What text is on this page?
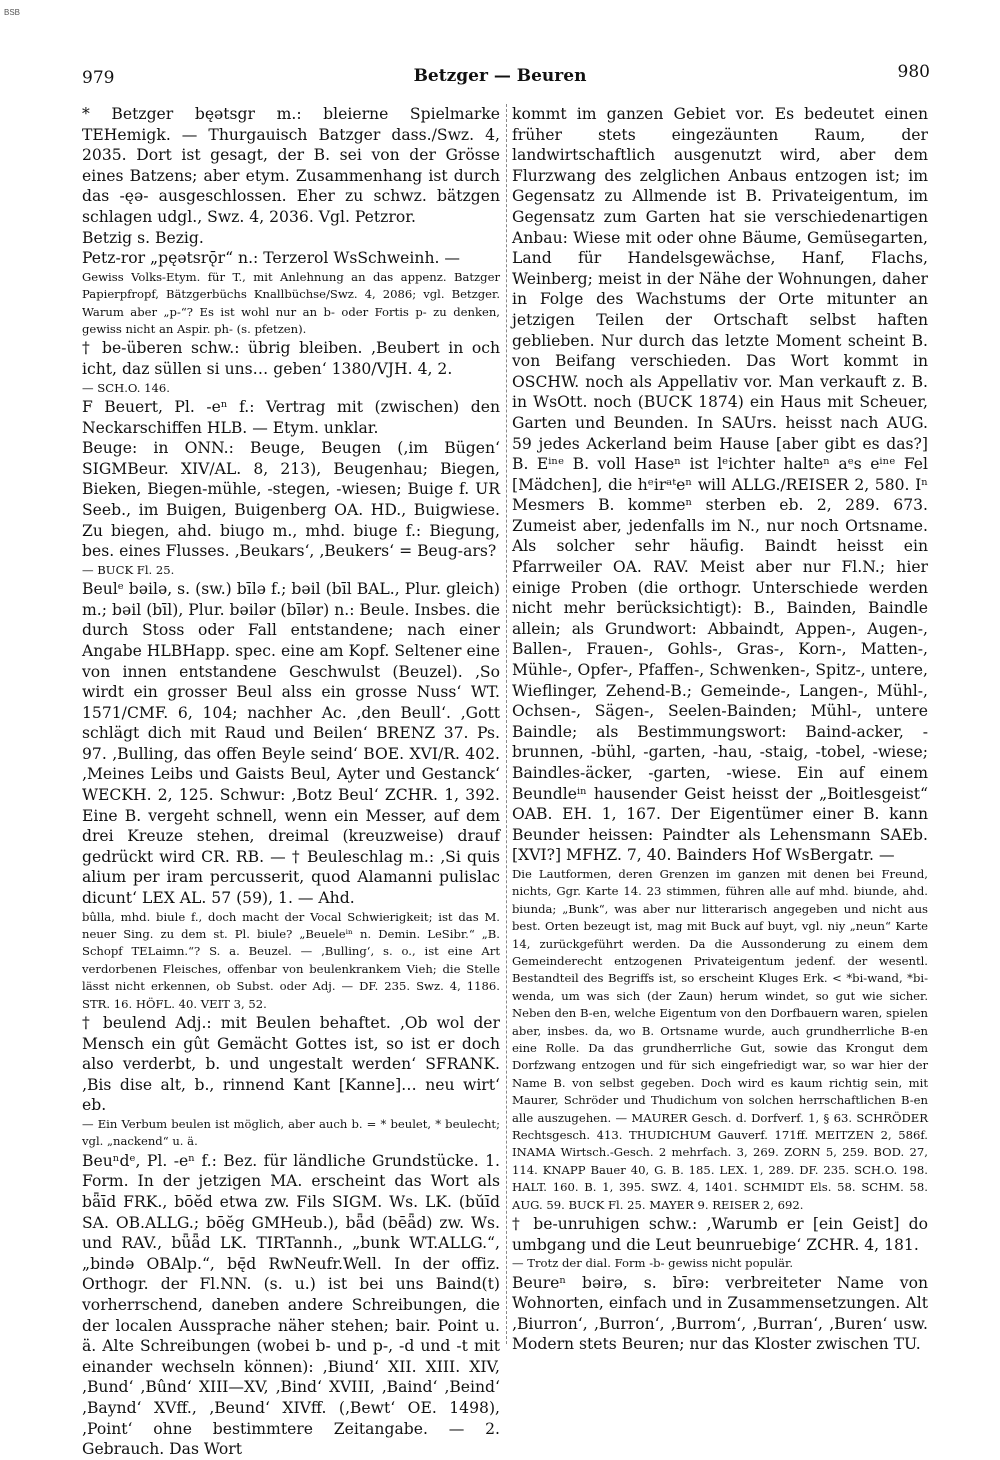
BSB
979	Betzger — Beuren	980

* Betzger bęətsgr m.: bleierne Spielmarke TEHemigk. — Thurgauisch Batzger dass./Swz. 4, 2035. Dort ist gesagt, der B. sei von der Grösse eines Batzens; aber etym. Zusammenhang ist durch das -ęə- ausgeschlossen. Eher zu schwz. bätzgen schlagen udgl., Swz. 4, 2036. Vgl. Petzror.

Betzig s. Bezig.

Petz-ror „pęətsrǭr“ n.: Terzerol WsSchweinh. —

Gewiss Volks-Etym. für T., mit Anlehnung an das appenz. Batzger Papierpfropf, Bätzgerbüchs Knallbüchse/Swz. 4, 2086; vgl. Betzger. Warum aber „p-“? Es ist wohl nur an b- oder Fortis p- zu denken, gewiss nicht an Aspir. ph- (s. pfetzen).

† be-überen schw.: übrig bleiben. ‚Beubert in och icht, daz süllen si uns… geben‘ 1380/VJH. 4, 2.

— SCH.O. 146.

F Beuert, Pl. -eⁿ f.: Vertrag mit (zwischen) den Neckarschiffen HLB. — Etym. unklar.

Beuge: in ONN.: Beuge, Beugen (‚im Bügen‘ SIGMBeur. XIV/AL. 8, 213), Beugenhau; Biegen, Bieken, Biegen-mühle, -stegen, -wiesen; Buige f. UR Seeb., im Buigen, Buigenberg OA. HD., Buigwiese. Zu biegen, ahd. biugo m., mhd. biuge f.: Biegung, bes. eines Flusses. ‚Beukars‘, ‚Beukers‘ = Beug-ars?

— BUCK Fl. 25.

Beulᵉ bəilə, s. (sw.) bīlə f.; bəil (bīl BAL., Plur. gleich) m.; bəil (bīl), Plur. bəilər (bīlər) n.: Beule. Insbes. die durch Stoss oder Fall entstandene; nach einer Angabe HLBHapp. spec. eine am Kopf. Seltener eine von innen entstandene Geschwulst (Beuzel). ‚So wirdt ein grosser Beul alss ein grosse Nuss‘ WT. 1571/CMF. 6, 104; nachher Ac. ‚den Beull‘. ‚Gott schlägt dich mit Raud und Beilen‘ BRENZ 37. Ps. 97. ‚Bulling, das offen Beyle seind‘ BOE. XVI/R. 402. ‚Meines Leibs und Gaists Beul, Ayter und Gestanck‘ WECKH. 2, 125. Schwur: ‚Botz Beul‘ ZCHR. 1, 392. Eine B. vergeht schnell, wenn ein Messer, auf dem drei Kreuze stehen, dreimal (kreuzweise) drauf gedrückt wird CR. RB. — † Beuleschlag m.: ‚Si quis alium per iram percusserit, quod Alamanni pulislac dicunt‘ LEX AL. 57 (59), 1. — Ahd.

bûlla, mhd. biule f., doch macht der Vocal Schwierigkeit; ist das M. neuer Sing. zu dem st. Pl. biule? „Beueleⁱⁿ n. Demin. LeSibr.“ „B. Schopf TELaimn.“? S. a. Beuzel. — ‚Bulling‘, s. o., ist eine Art verdorbenen Fleisches, offenbar von beulenkrankem Vieh; die Stelle lässt nicht erkennen, ob Subst. oder Adj. — DF. 235. Swz. 4, 1186. STR. 16. HÖFL. 40. VEIT 3, 52.

† beulend Adj.: mit Beulen behaftet. ‚Ob wol der Mensch ein gût Gemächt Gottes ist, so ist er doch also verderbt, b. und ungestalt werden‘ SFRANK. ‚Bis dise alt, b., rinnend Kant [Kanne]… neu wirt‘ eb.

— Ein Verbum beulen ist möglich, aber auch b. = * beulet, * beulecht; vgl. „nackend“ u. ä.

Beuⁿdᵉ, Pl. -eⁿ f.: Bez. für ländliche Grundstücke. 1. Form. In der jetzigen MA. erscheint das Wort als bǟīd FRK., bōĕd etwa zw. Fils SIGM. Ws. LK. (bŭīd SA. OB.ALLG.; bōĕg GMHeub.), bǟd (bēǟd) zw. Ws. und RAV., bǖǟd LK. TIRTannh., „bunk WT.ALLG.“, „bində OBAlp.“, bę̄d RwNeufr.Well. In der offiz. Orthogr. der Fl.NN. (s. u.) ist bei uns Baind(t) vorherrschend, daneben andere Schreibungen, die der localen Aussprache näher stehen; bair. Point u. ä. Alte Schreibungen (wobei b- und p-, -d und -t mit einander wechseln können): ‚Biund‘ XII. XIII. XIV, ‚Bund‘ ‚Bûnd‘ XIII—XV, ‚Bind‘ XVIII, ‚Baind‘ ‚Beind‘ ‚Baynd‘ XVff., ‚Beund‘ XIVff. (‚Bewt‘ OE. 1498), ‚Point‘ ohne bestimmtere Zeitangabe. — 2. Gebrauch. Das Wort

kommt im ganzen Gebiet vor. Es bedeutet einen früher stets eingezäunten Raum, der landwirtschaftlich ausgenutzt wird, aber dem Flurzwang des zelglichen Anbaus entzogen ist; im Gegensatz zu Allmende ist B. Privateigentum, im Gegensatz zum Garten hat sie verschiedenartigen Anbau: Wiese mit oder ohne Bäume, Gemüsegarten, Land für Handelsgewächse, Hanf, Flachs, Weinberg; meist in der Nähe der Wohnungen, daher in Folge des Wachstums der Orte mitunter an jetzigen Teilen der Ortschaft selbst haften geblieben. Nur durch das letzte Moment scheint B. von Beifang verschieden. Das Wort kommt in OSCHW. noch als Appellativ vor. Man verkauft z. B. in WsOtt. noch (BUCK 1874) ein Haus mit Scheuer, Garten und Beunden. In SAUrs. heisst nach AUG. 59 jedes Ackerland beim Hause [aber gibt es das?] B. Eⁱⁿᵉ B. voll Haseⁿ ist lᵉichter halteⁿ aᵉs eⁱⁿᵉ Fel [Mädchen], die hᵉirᵃᵗeⁿ will ALLG./REISER 2, 580. Iⁿ Mesmers B. kommeⁿ sterben eb. 2, 289. 673. Zumeist aber, jedenfalls im N., nur noch Ortsname. Als solcher sehr häufig. Baindt heisst ein Pfarrweiler OA. RAV. Meist aber nur Fl.N.; hier einige Proben (die orthogr. Unterschiede werden nicht mehr berücksichtigt): B., Bainden, Baindle allein; als Grundwort: Abbaindt, Appen-, Augen-, Ballen-, Frauen-, Gohls-, Gras-, Korn-, Matten-, Mühle-, Opfer-, Pfaffen-, Schwenken-, Spitz-, untere, Wieflinger, Zehend-B.; Gemeinde-, Langen-, Mühl-, Ochsen-, Sägen-, Seelen-Bainden; Mühl-, untere Baindle; als Bestimmungswort: Baind-acker, -brunnen, -bühl, -garten, -hau, -staig, -tobel, -wiese; Baindles-äcker, -garten, -wiese. Ein auf einem Beundleⁱⁿ hausender Geist heisst der „Boitlesgeist“ OAB. EH. 1, 167. Der Eigentümer einer B. kann Beunder heissen: Paindter als Lehensmann SAEb. [XVI?] MFHZ. 7, 40. Bainders Hof WsBergatr. —

Die Lautformen, deren Grenzen im ganzen mit denen bei Freund, nichts, Ggr. Karte 14. 23 stimmen, führen alle auf mhd. biunde, ahd. biunda; „Bunk“, was aber nur litterarisch angegeben und nicht aus best. Orten bezeugt ist, mag mit Buck auf buyt, vgl. niy „neun“ Karte 14, zurückgeführt werden. Da die Aussonderung zu einem dem Gemeinderecht entzogenen Privateigentum jedenf. der wesentl. Bestandteil des Begriffs ist, so erscheint Kluges Erk. < *bi-wand, *bi-wenda, um was sich (der Zaun) herum windet, so gut wie sicher. Neben den B-en, welche Eigentum von den Dorfbauern waren, spielen aber, insbes. da, wo B. Ortsname wurde, auch grundherrliche B-en eine Rolle. Da das grundherrliche Gut, sowie das Krongut dem Dorfzwang entzogen und für sich eingefriedigt war, so war hier der Name B. von selbst gegeben. Doch wird es kaum richtig sein, mit Maurer, Schröder und Thudichum von solchen herrschaftlichen B-en alle auszugehen. — MAURER Gesch. d. Dorfverf. 1, § 63. SCHRÖDER Rechtsgesch. 413. THUDICHUM Gauverf. 171ff. MEITZEN 2, 586f. INAMA Wirtsch.-Gesch. 2 mehrfach. 3, 269. ZORN 5, 259. BOD. 27, 114. KNAPP Bauer 40, G. B. 185. LEX. 1, 289. DF. 235. SCH.O. 198. HALT. 160. B. 1, 395. SWZ. 4, 1401. SCHMIDT Els. 58. SCHM. 58. AUG. 59. BUCK Fl. 25. MAYER 9. REISER 2, 692.

† be-unruhigen schw.: ‚Warumb er [ein Geist] do umbgang und die Leut beunruebige‘ ZCHR. 4, 181.

— Trotz der dial. Form -b- gewiss nicht populär.

Beureⁿ bəirə, s. bīrə: verbreiteter Name von Wohnorten, einfach und in Zusammensetzungen. Alt ‚Biurron‘, ‚Burron‘, ‚Burrom‘, ‚Burran‘, ‚Buren‘ usw. Modern stets Beuren; nur das Kloster zwischen TU.
